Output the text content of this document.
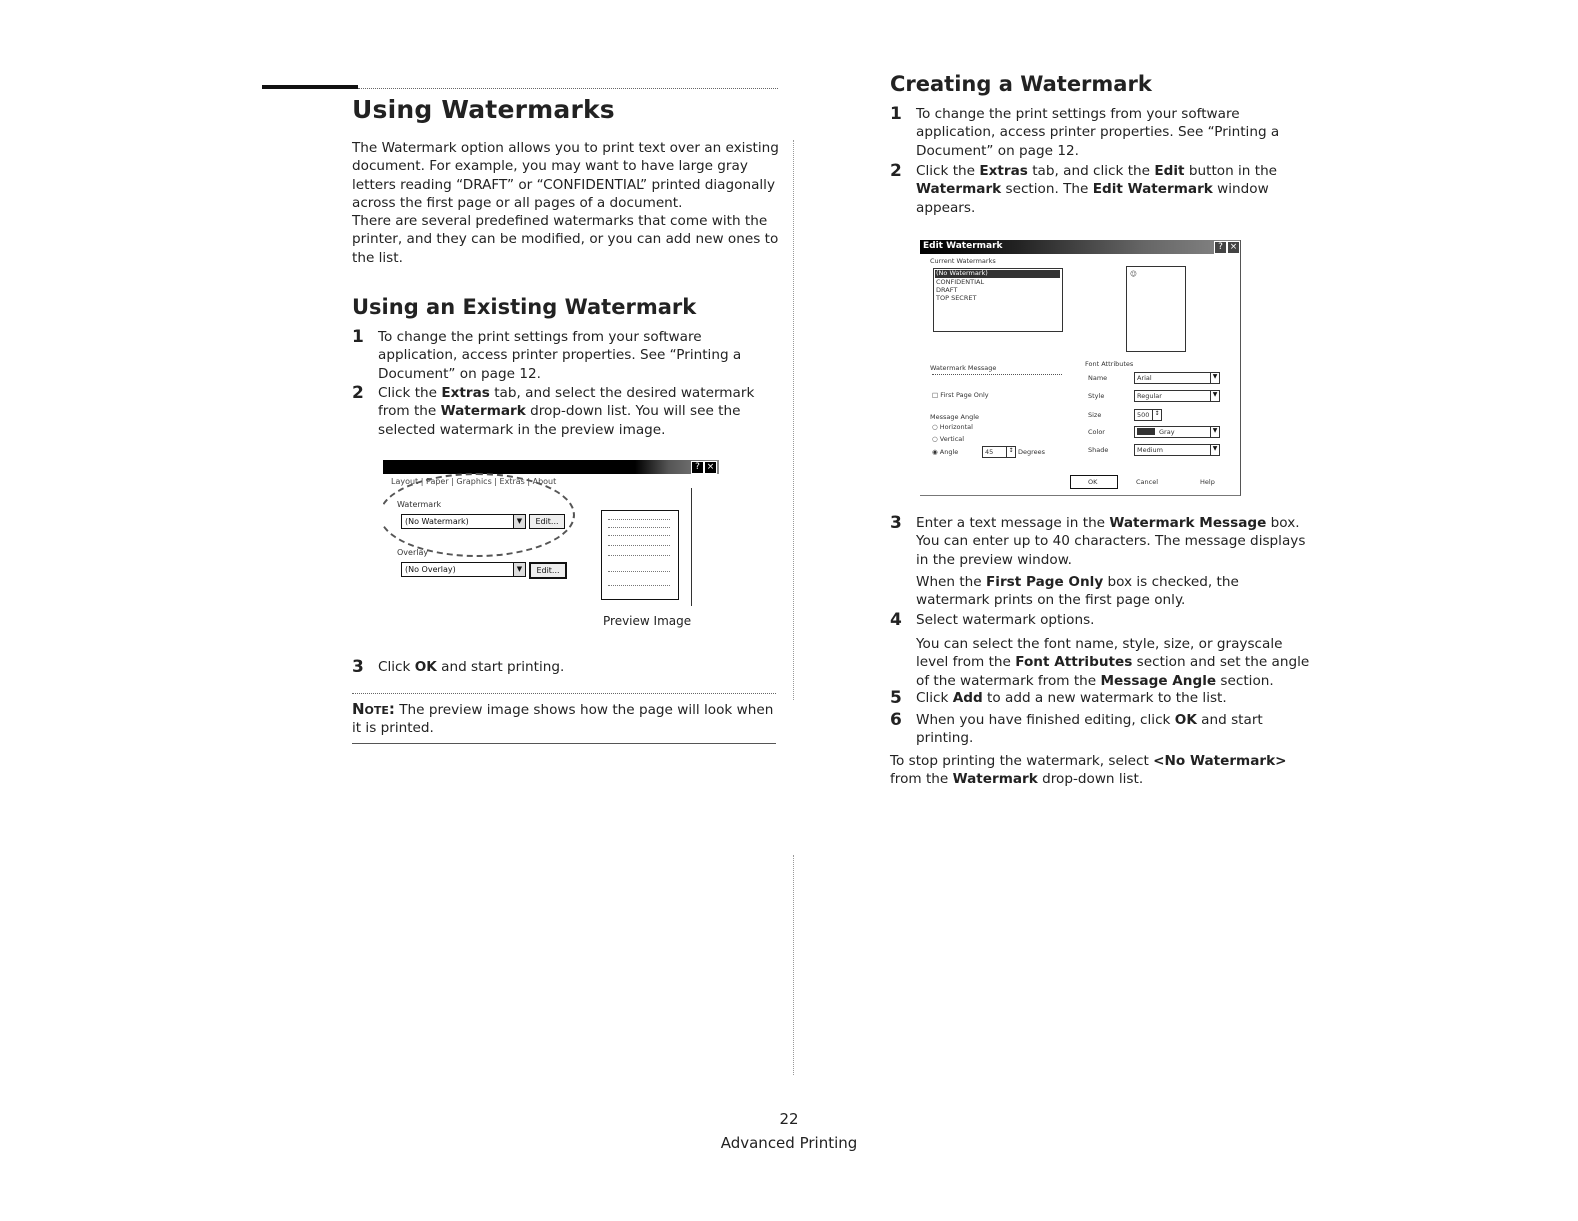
Using Watermarks

The Watermark option allows you to print text over an existing document. For example, you may want to have large gray letters reading “DRAFT” or “CONFIDENTIAL” printed diagonally across the first page or all pages of a document.

There are several predefined watermarks that come with the printer, and they can be modified, or you can add new ones to the list.

Using an Existing Watermark
1 To change the print settings from your software application, access printer properties. See “Printing a Document” on page 12.
2 Click the Extras tab, and select the desired watermark from the Watermark drop-down list. You will see the selected watermark in the preview image.
? ×
Layout | Paper | Graphics | Extras | About
Watermark
(No Watermark)	▼	Edit...
Overlay
(No Overlay)	▼	Edit...
Preview Image
3 Click OK and start printing.

Note: The preview image shows how the page will look when it is printed.

Creating a Watermark
1 To change the print settings from your software application, access printer properties. See “Printing a Document” on page 12.
2 Click the Extras tab, and click the Edit button in the Watermark section. The Edit Watermark window appears.
Edit Watermark	? ×
Current Watermarks
(No Watermark)
CONFIDENTIAL
DRAFT
TOP SECRET
☺
Watermark Message
□ First Page Only
Message Angle
○ Horizontal
○ Vertical
◉ Angle	45	↕ Degrees
Font Attributes
Name	Arial	▼
Style	Regular	▼
Size	500 ↕
Color	Gray	▼
Shade	Medium	▼
OK	Cancel	Help
3 Enter a text message in the Watermark Message box. You can enter up to 40 characters. The message displays in the preview window.

When the First Page Only box is checked, the watermark prints on the first page only.

4 Select watermark options.

You can select the font name, style, size, or grayscale level from the Font Attributes section and set the angle of the watermark from the Message Angle section.

5 Click Add to add a new watermark to the list.
6 When you have finished editing, click OK and start printing.

To stop printing the watermark, select <No Watermark> from the Watermark drop-down list.

22
Advanced Printing
